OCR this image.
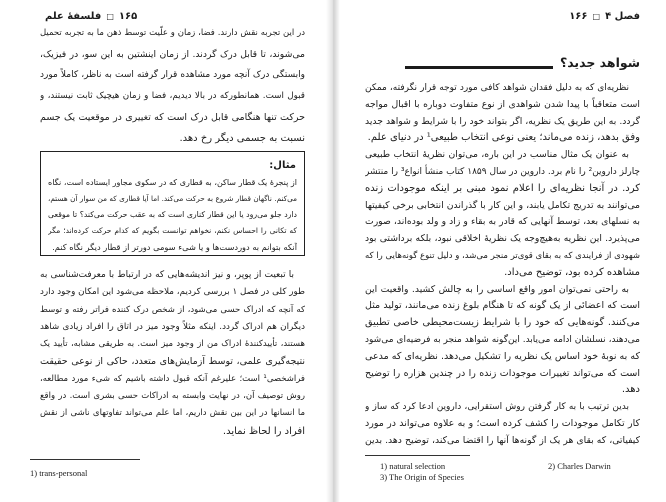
فلسفهٔ علم □ ۱۶۵
در این تجربه نقش دارند. فضا، زمان و علّیت توسط ذهن ما به تجربه تحمیل
می‌شوند، تا قابل درک گردند. از زمان اینشتین به این سو، در فیزیک،
وابستگی درک آنچه مورد مشاهده قرار گرفته است به ناظر، کاملاً مورد
قبول است. همانطورکه در بالا دیدیم، فضا و زمان هیچیک ثابت نیستند، و
حرکت تنها هنگامی قابل درک است که تغییری در موقعیت یک جسم
نسبت به جسمی دیگر رخ دهد.
مثال:
از پنجرهٔ یک قطار ساکن، به قطاری که در سکوی مجاور ایستاده است، نگاه
می‌کنم. ناگهان قطار شروع به حرکت می‌کند. اما آیا قطاری که من سوار آن هستم،
دارد جلو می‌رود یا این قطار کناری است که به عقب حرکت می‌کند؟ تا موقعی
که تکانی را احساس نکنم، نخواهم توانست بگویم که کدام حرکت کرده‌اند؛ مگر
آنکه بتوانم به دوردست‌ها و یا شیء سومی دورتر از قطار دیگر نگاه کنم.
با تبعیت از پوپر، و نیز اندیشه‌هایی که در ارتباط با معرفت‌شناسی به
طور کلی در فصل ۱ بررسی کردیم، ملاحظه می‌شود این امکان وجود دارد
که آنچه که ادراک حسی می‌شود، از شخص درک کننده فراتر رفته و توسط
دیگران هم ادراک گردد. اینکه مثلاً وجود میز در اتاق را افراد زیادی شاهد
هستند، تأییدکنندهٔ ادراک من از وجود میز است. به طریقی مشابه، تأیید یک
نتیجه‌گیری علمی، توسط آزمایش‌های متعدد، حاکی از نوعی حقیقت
فراشخصی¹ است؛ علیرغم آنکه قبول داشته باشیم که شیء مورد مطالعه،
روش توصیف آن، در نهایت وابسته به ادراکات حسی بشری است. در واقع
ما انسانها در این بین نقش داریم، اما علم می‌تواند تفاوتهای ناشی از نقش
افراد را لحاظ نماید.
1) trans-personal
۱۶۶ □ فصل ۴
شواهد جدید؟
نظریه‌ای که به دلیل فقدان شواهد کافی مورد توجه قرار نگرفته، ممکن
است متعاقباً با پیدا شدن شواهدی از نوع متفاوت دوباره با اقبال مواجه
گردد. به این طریق یک نظریه، اگر بتواند خود را با شرایط و شواهد جدید
وفق بدهد، زنده می‌ماند؛ یعنی نوعی انتخاب طبیعی¹ در دنیای علم.
به عنوان یک مثال مناسب در این باره، می‌توان نظریهٔ انتخاب طبیعی
چارلز داروین² را نام برد. داروین در سال ۱۸۵۹ کتاب منشأ انواع³ را منتشر
کرد. در آنجا نظریه‌ای را اعلام نمود مبنی بر اینکه موجودات زنده
می‌توانند به تدریج تکامل یابند، و این کار با گذراندن انتخابی برخی کیفیتها
به نسلهای بعد، توسط آنهایی که قادر به بقاء و زاد و ولد بوده‌اند، صورت
می‌پذیرد. این نظریه به‌هیچ‌وجه یک نظریهٔ اخلاقی نبود، بلکه برداشتی بود
شهودی از فرایندی که به بقای قوی‌تر منجر می‌شد، و دلیل تنوع گونه‌هایی را که
مشاهده کرده بود، توضیح می‌داد.
به راحتی نمی‌توان امور واقع اساسی را به چالش کشید. واقعیت این
است که اعضائی از یک گونه که تا هنگام بلوغ زنده می‌مانند، تولید مثل
می‌کنند. گونه‌هایی که خود را با شرایط زیست‌محیطی خاصی تطبیق
می‌دهند، نسلشان ادامه می‌یابد. این‌گونه شواهد منجر به فرضیه‌ای می‌شود
که به نوبهٔ خود اساس یک نظریه را تشکیل می‌دهد. نظریه‌ای که مدعی
است که می‌تواند تغییرات موجودات زنده را در چندین هزاره را توضیح
دهد.
بدین ترتیب با به کار گرفتن روش استقرایی، داروین ادعا کرد که ساز و
کار تکامل موجودات را کشف کرده است؛ و به علاوه می‌تواند در مورد
کیفیاتی، که بقای هر یک از گونه‌ها آنها را اقتضا می‌کند، توضیح دهد. بدین
1) natural selection	2) Charles Darwin
3) The Origin of Species
